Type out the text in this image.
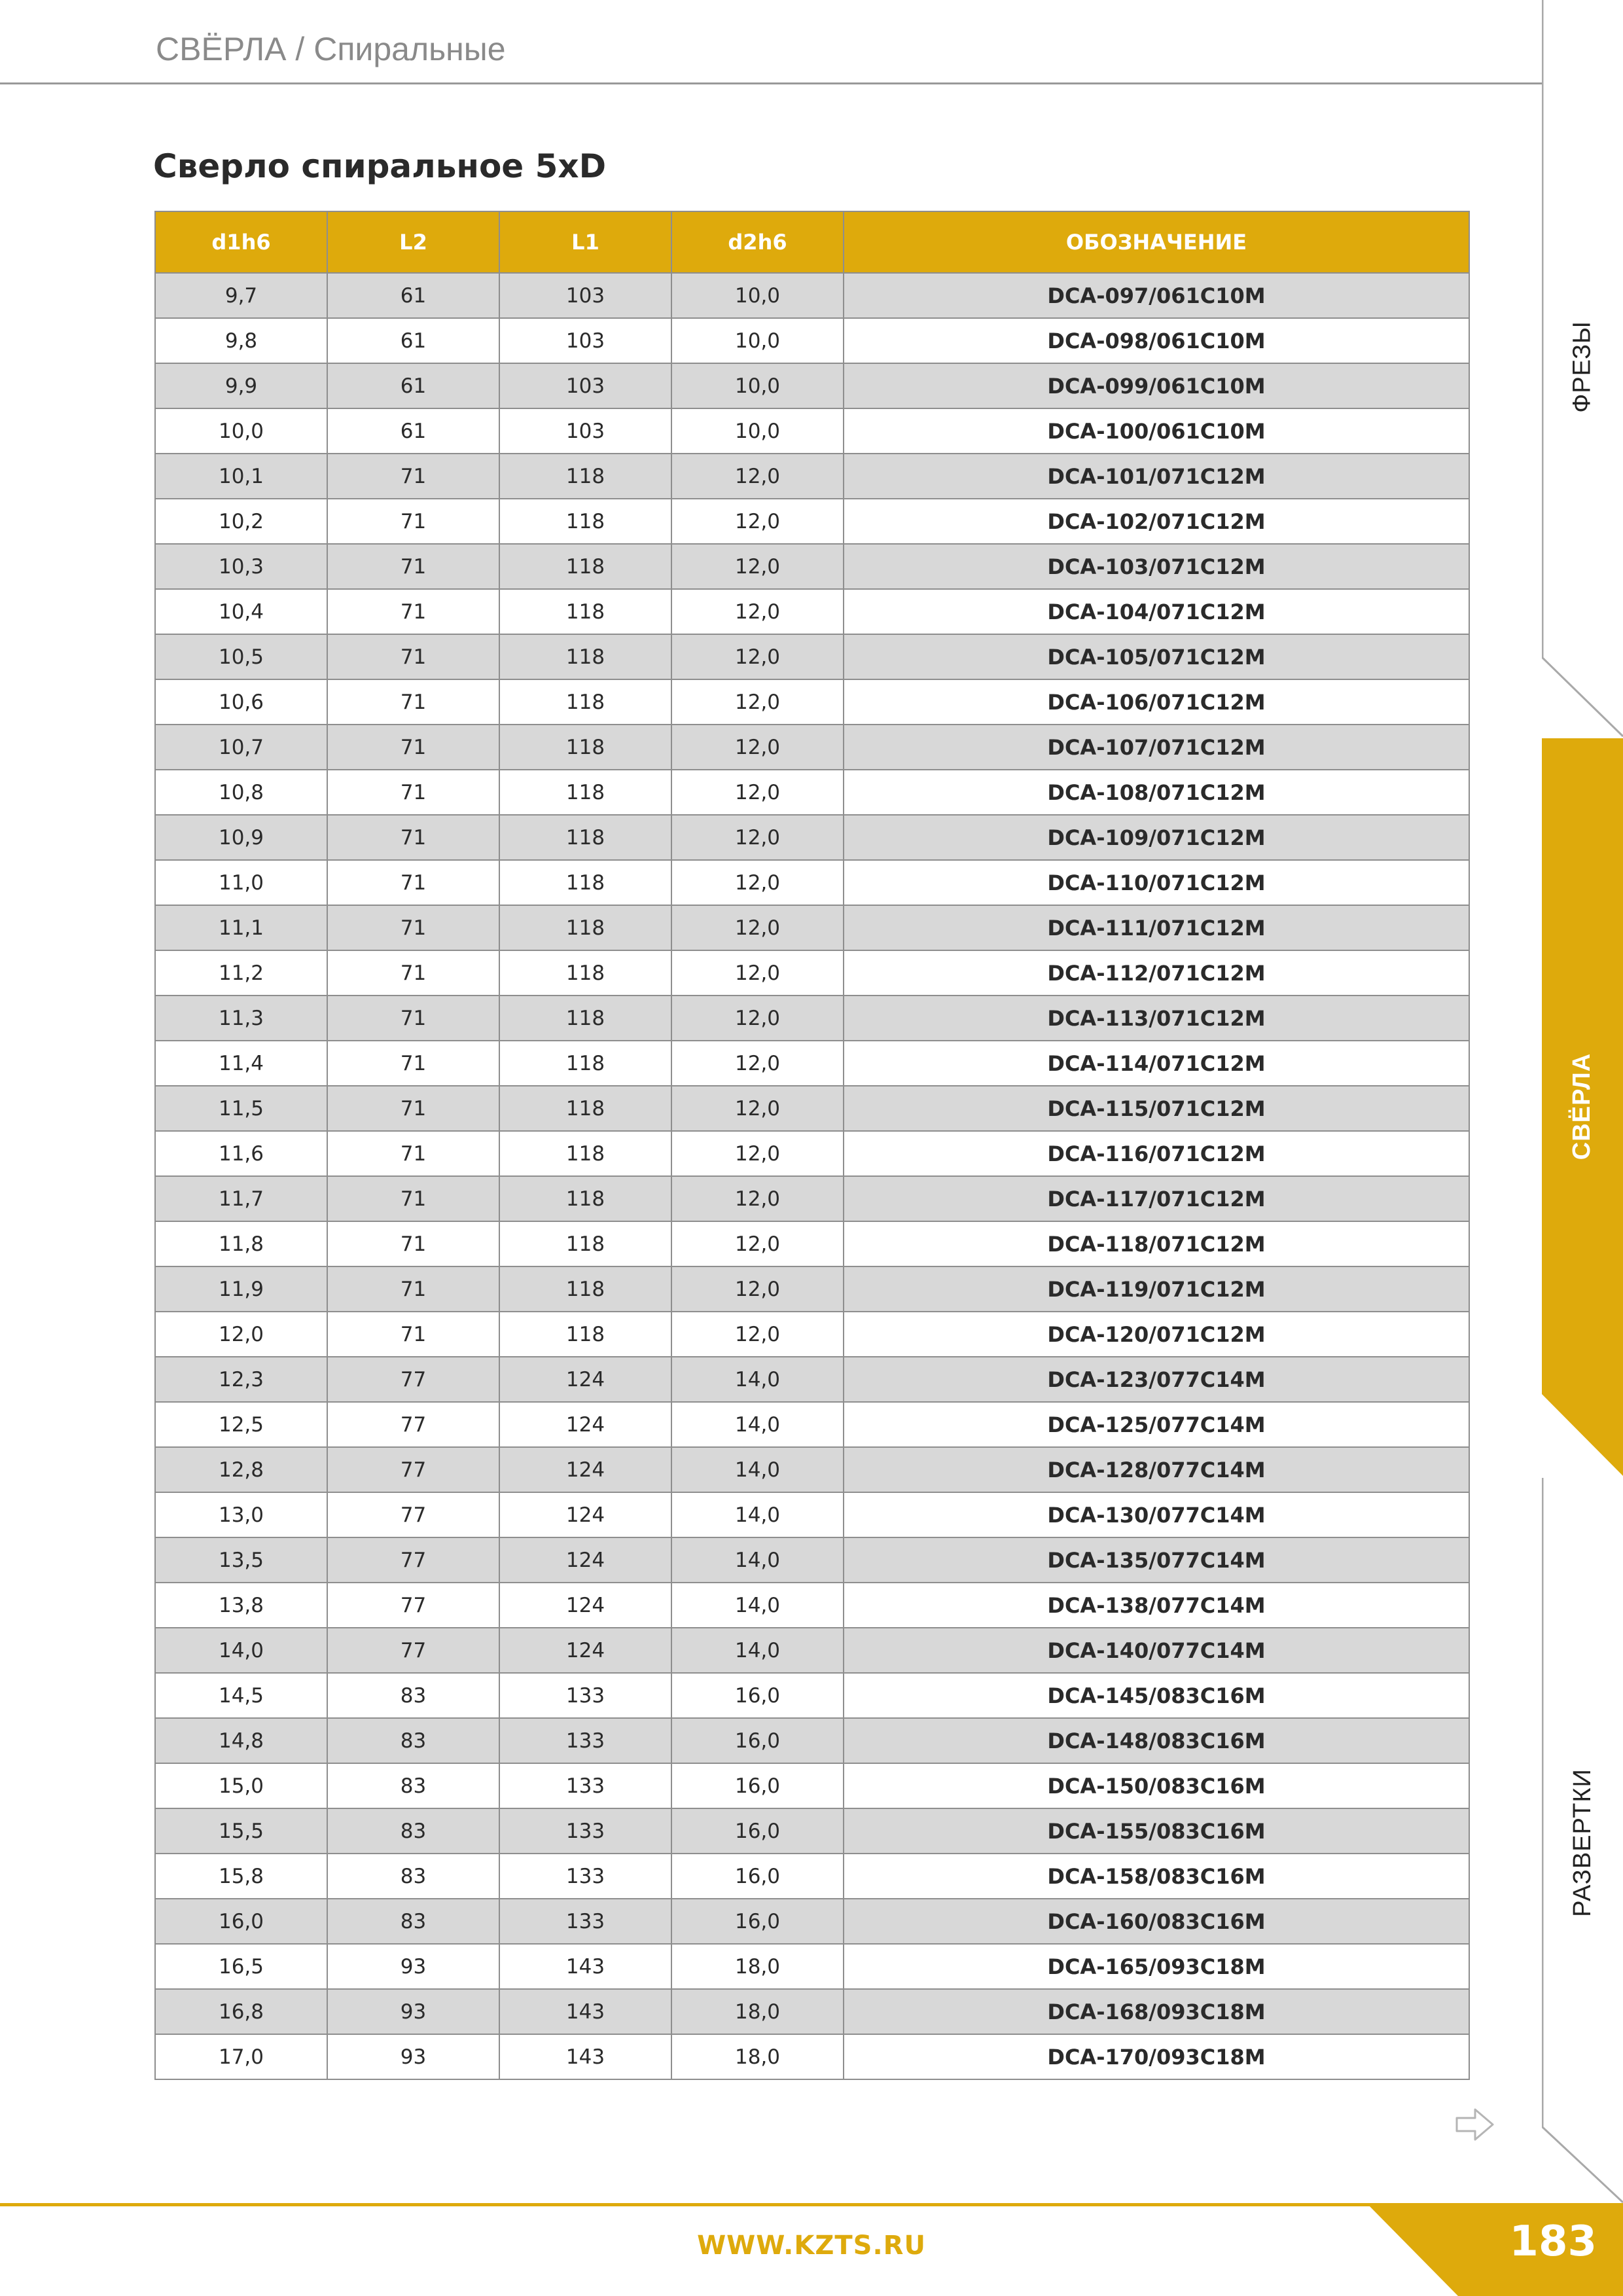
СВЁРЛА / Спиральные
Сверло спиральное 5xD
d1h6	L2	L1	d2h6	ОБОЗНАЧЕНИЕ
9,7	61	103	10,0	DCA-097/061C10M
9,8	61	103	10,0	DCA-098/061C10M
9,9	61	103	10,0	DCA-099/061C10M
10,0	61	103	10,0	DCA-100/061C10M
10,1	71	118	12,0	DCA-101/071C12M
10,2	71	118	12,0	DCA-102/071C12M
10,3	71	118	12,0	DCA-103/071C12M
10,4	71	118	12,0	DCA-104/071C12M
10,5	71	118	12,0	DCA-105/071C12M
10,6	71	118	12,0	DCA-106/071C12M
10,7	71	118	12,0	DCA-107/071C12M
10,8	71	118	12,0	DCA-108/071C12M
10,9	71	118	12,0	DCA-109/071C12M
11,0	71	118	12,0	DCA-110/071C12M
11,1	71	118	12,0	DCA-111/071C12M
11,2	71	118	12,0	DCA-112/071C12M
11,3	71	118	12,0	DCA-113/071C12M
11,4	71	118	12,0	DCA-114/071C12M
11,5	71	118	12,0	DCA-115/071C12M
11,6	71	118	12,0	DCA-116/071C12M
11,7	71	118	12,0	DCA-117/071C12M
11,8	71	118	12,0	DCA-118/071C12M
11,9	71	118	12,0	DCA-119/071C12M
12,0	71	118	12,0	DCA-120/071C12M
12,3	77	124	14,0	DCA-123/077C14M
12,5	77	124	14,0	DCA-125/077C14M
12,8	77	124	14,0	DCA-128/077C14M
13,0	77	124	14,0	DCA-130/077C14M
13,5	77	124	14,0	DCA-135/077C14M
13,8	77	124	14,0	DCA-138/077C14M
14,0	77	124	14,0	DCA-140/077C14M
14,5	83	133	16,0	DCA-145/083C16M
14,8	83	133	16,0	DCA-148/083C16M
15,0	83	133	16,0	DCA-150/083C16M
15,5	83	133	16,0	DCA-155/083C16M
15,8	83	133	16,0	DCA-158/083C16M
16,0	83	133	16,0	DCA-160/083C16M
16,5	93	143	18,0	DCA-165/093C18M
16,8	93	143	18,0	DCA-168/093C18M
17,0	93	143	18,0	DCA-170/093C18M
ФРЕЗЫ
СВЁРЛА
РАЗВЕРТКИ
WWW.KZTS.RU	183
